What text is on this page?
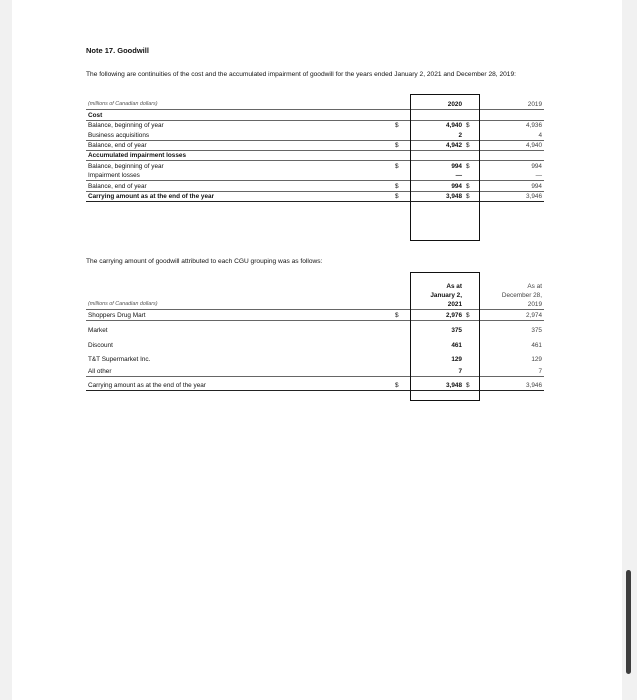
Note 17. Goodwill
The following are continuities of the cost and the accumulated impairment of goodwill for the years ended January 2, 2021 and December 28, 2019:
(millions of Canadian dollars)		2020		2019
Cost				
Balance, beginning of year	$	4,940	$	4,936
Business acquisitions		2		4
Balance, end of year	$	4,942	$	4,940
Accumulated impairment losses				
Balance, beginning of year	$	994	$	994
Impairment losses		—		—
Balance, end of year	$	994	$	994
Carrying amount as at the end of the year	$	3,948	$	3,946
The carrying amount of goodwill attributed to each CGU grouping was as follows:
		As at		As at
(millions of Canadian dollars)		January 2, 2021		December 28, 2019
Shoppers Drug Mart	$	2,976	$	2,974
Market		375		375
Discount		461		461
T&T Supermarket Inc.		129		129
All other		7		7
Carrying amount as at the end of the year	$	3,948	$	3,946
